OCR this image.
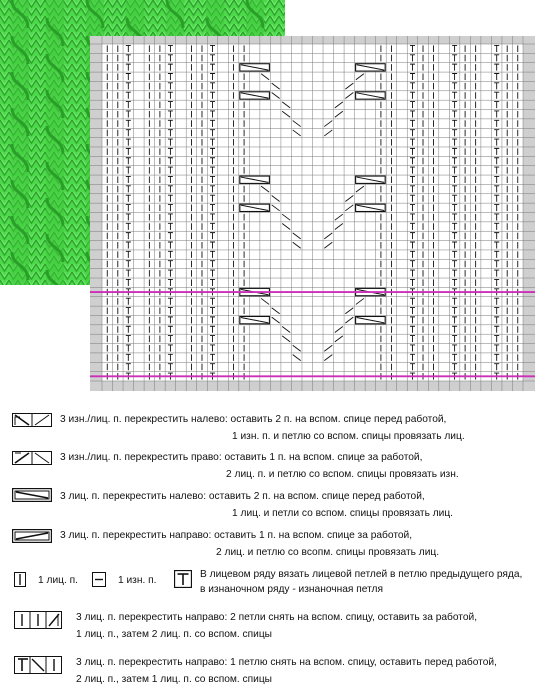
3 изн./лиц. п. перекрестить налево: оставить 2 п. на вспом. спице перед работой,
1 изн. п. и петлю со вспом. спицы провязать лиц.
3 изн./лиц. п. перекрестить право: оставить 1 п. на вспом. спице за работой,
2 лиц. п. и петлю со вспом. спицы провязать изн.
3 лиц. п. перекрестить налево: оставить 2 п. на вспом. спице перед работой,
1 лиц. и петли со вспом. спицы провязать лиц.
3 лиц. п. перекрестить направо: оставить 1 п. на вспом. спице за работой,
2 лиц. и петлю со всопм. спицы провязать лиц.
1 лиц. п.	1 изн. п.
В лицевом ряду вязать лицевой петлей в петлю предыдущего ряда,
в изнаночном ряду - изнаночная петля
3 лиц. п. перекрестить направо: 2 петли снять на вспом. спицу, оставить за работой,
1 лиц. п., затем 2 лиц. п. со вспом. спицы
3 лиц. п. перекрестить направо: 1 петлю снять на вспом. спицу, оставить перед работой,
2 лиц. п., затем 1 лиц. п. со вспом. спицы
